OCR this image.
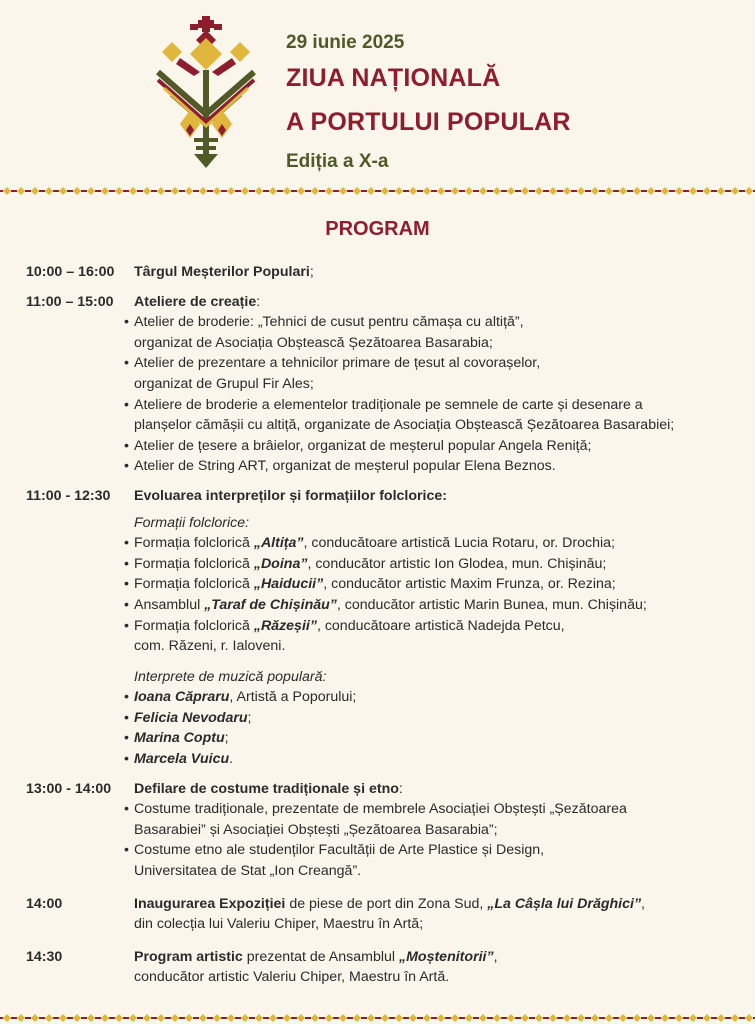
29 iunie 2025
ZIUA NAȚIONALĂ
A PORTULUI POPULAR
Ediția a X-a
PROGRAM
10:00 – 16:00	Târgul Meșterilor Populari;
11:00 – 15:00	Ateliere de creație:
• Atelier de broderie: „Tehnici de cusut pentru cămașa cu altiță”,
organizat de Asociația Obștească Șezătoarea Basarabia;
• Atelier de prezentare a tehnicilor primare de țesut al covorașelor,
organizat de Grupul Fir Ales;
• Ateliere de broderie a elementelor tradiționale pe semnele de carte și desenare a
planșelor cămășii cu altiță, organizate de Asociația Obștească Șezătoarea Basarabiei;
• Atelier de țesere a brâielor, organizat de meșterul popular Angela Reniță;
• Atelier de String ART, organizat de meșterul popular Elena Beznos.
11:00 - 12:30	Evoluarea interpreților și formațiilor folclorice:
Formații folclorice:
• Formația folclorică „Altița”, conducătoare artistică Lucia Rotaru, or. Drochia;
• Formația folclorică „Doina”, conducător artistic Ion Glodea, mun. Chișinău;
• Formația folclorică „Haiducii”, conducător artistic Maxim Frunza, or. Rezina;
• Ansamblul „Taraf de Chișinău”, conducător artistic Marin Bunea, mun. Chișinău;
• Formația folclorică „Răzeșii”, conducătoare artistică Nadejda Petcu,
com. Răzeni, r. Ialoveni.
Interprete de muzică populară:
• Ioana Căpraru, Artistă a Poporului;
• Felicia Nevodaru;
• Marina Coptu;
• Marcela Vuicu.
13:00 - 14:00	Defilare de costume tradiționale și etno:
• Costume tradiționale, prezentate de membrele Asociației Obștești „Șezătoarea
Basarabiei” și Asociației Obștești „Șezătoarea Basarabia”;
• Costume etno ale studenților Facultății de Arte Plastice și Design,
Universitatea de Stat „Ion Creangă”.
14:00	Inaugurarea Expoziției de piese de port din Zona Sud, „La Câșla lui Drăghici”,
din colecția lui Valeriu Chiper, Maestru în Artă;
14:30	Program artistic prezentat de Ansamblul „Moștenitorii”,
conducător artistic Valeriu Chiper, Maestru în Artă.
